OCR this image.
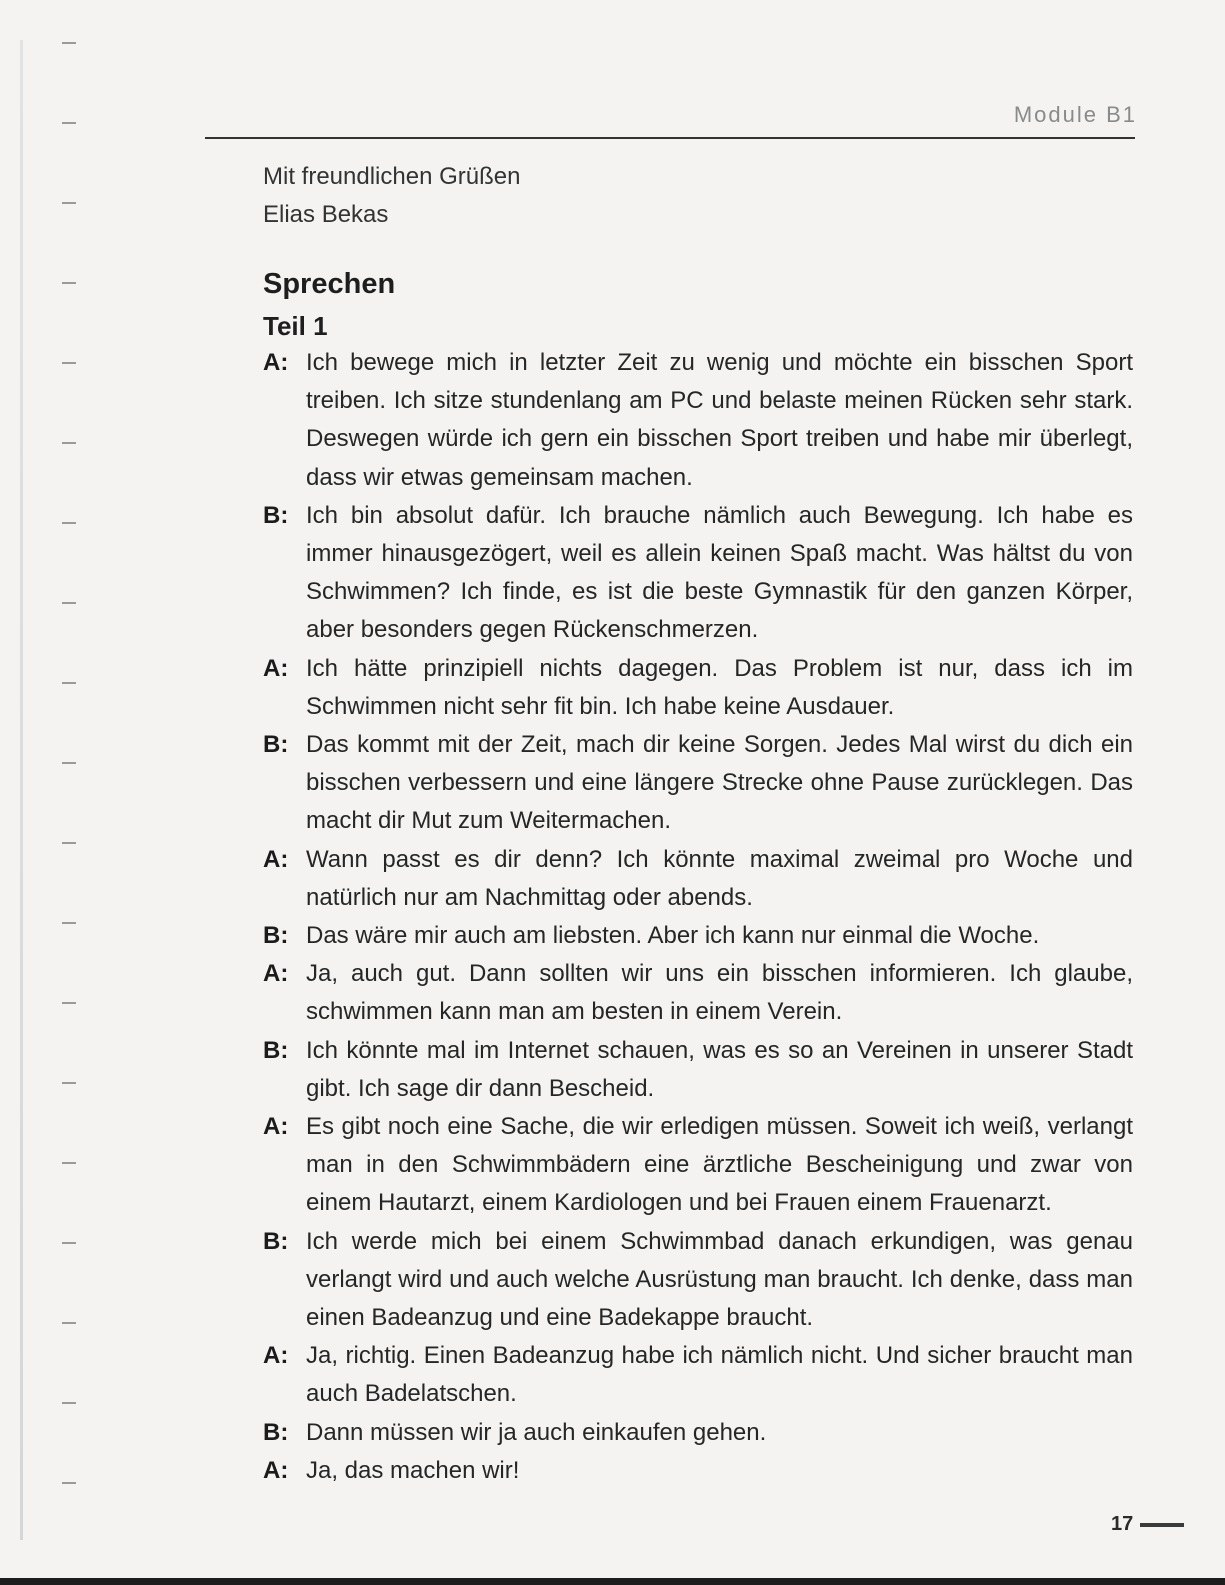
Module B1
Mit freundlichen Grüßen
Elias Bekas
Sprechen
Teil 1
A: Ich bewege mich in letzter Zeit zu wenig und möchte ein bisschen Sport treiben. Ich sitze stundenlang am PC und belaste meinen Rücken sehr stark. Deswegen würde ich gern ein bisschen Sport treiben und habe mir überlegt, dass wir etwas gemeinsam machen.
B: Ich bin absolut dafür. Ich brauche nämlich auch Bewegung. Ich habe es immer hinausgezögert, weil es allein keinen Spaß macht. Was hältst du von Schwimmen? Ich finde, es ist die beste Gymnastik für den ganzen Körper, aber besonders gegen Rückenschmerzen.
A: Ich hätte prinzipiell nichts dagegen. Das Problem ist nur, dass ich im Schwimmen nicht sehr fit bin. Ich habe keine Ausdauer.
B: Das kommt mit der Zeit, mach dir keine Sorgen. Jedes Mal wirst du dich ein bisschen verbessern und eine längere Strecke ohne Pause zurücklegen. Das macht dir Mut zum Weitermachen.
A: Wann passt es dir denn? Ich könnte maximal zweimal pro Woche und natürlich nur am Nachmittag oder abends.
B: Das wäre mir auch am liebsten. Aber ich kann nur einmal die Woche.
A: Ja, auch gut. Dann sollten wir uns ein bisschen informieren. Ich glaube, schwimmen kann man am besten in einem Verein.
B: Ich könnte mal im Internet schauen, was es so an Vereinen in unserer Stadt gibt. Ich sage dir dann Bescheid.
A: Es gibt noch eine Sache, die wir erledigen müssen. Soweit ich weiß, verlangt man in den Schwimmbädern eine ärztliche Bescheinigung und zwar von einem Hautarzt, einem Kardiologen und bei Frauen einem Frauenarzt.
B: Ich werde mich bei einem Schwimmbad danach erkundigen, was genau verlangt wird und auch welche Ausrüstung man braucht. Ich denke, dass man einen Badeanzug und eine Badekappe braucht.
A: Ja, richtig. Einen Badeanzug habe ich nämlich nicht. Und sicher braucht man auch Badelatschen.
B: Dann müssen wir ja auch einkaufen gehen.
A: Ja, das machen wir!
17
